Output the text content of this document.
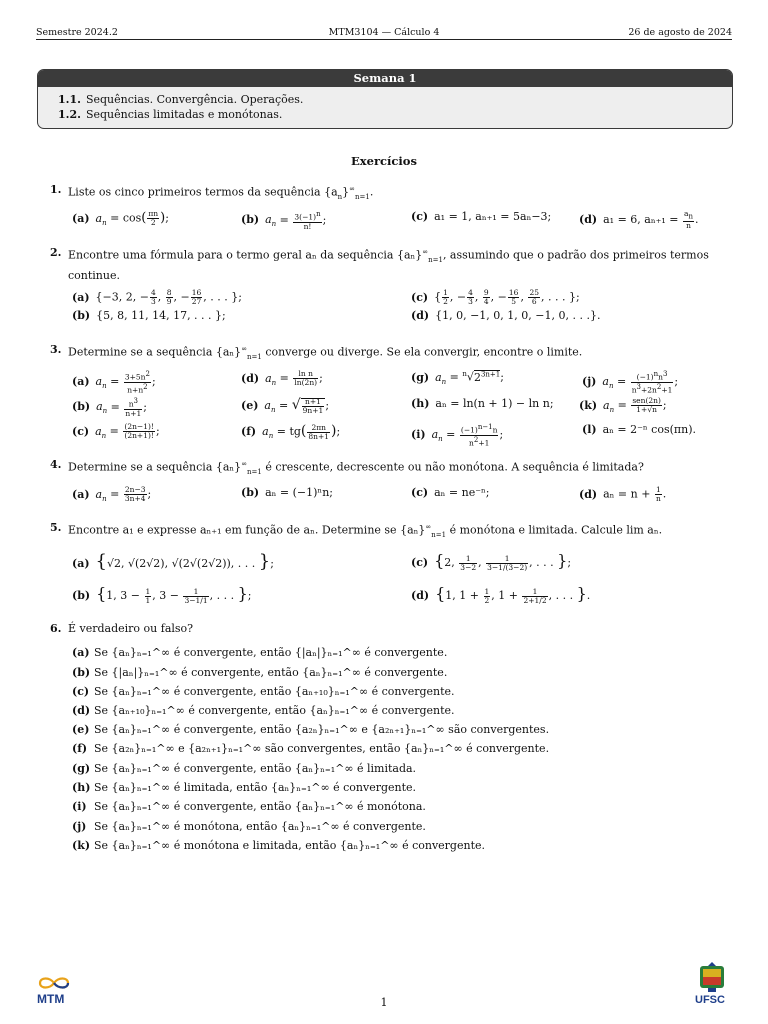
Semestre 2024.2	MTM3104 — Cálculo 4	26 de agosto de 2024
Semana 1
1.1. Sequências. Convergência. Operações.
1.2. Sequências limitadas e monótonas.
Exercícios
1. Liste os cinco primeiros termos da sequência $\{a_n\}^\infty_{n=1}$.
(a) $a_n = \cos( \frac{\pi n}{2}$ );	(b) $a_n = \frac{3(-1)^n}{n!}$ ;	(c) a₁ = 1, aₙ₊₁ = 5aₙ−3;	(d) a₁ = 6, $a_{n+1} = \frac{a_n}{n}$ .
2. Encontre uma fórmula para o termo geral aₙ da sequência $\{a_n\}^\infty_{n=1}$, assumindo que o padrão dos primeiros termos
continue.
(a) {−3, 2, − $\frac{4}{3}$ , $\frac{8}{9}$ , − $\frac{16}{27}$ , . . . };	(c) { $\frac{1}{2}$ , − $\frac{4}{3}$ , $\frac{9}{4}$ , − $\frac{16}{5}$ , $\frac{25}{6}$ , . . . };
(b) {5, 8, 11, 14, 17, . . . };	(d) {1, 0, −1, 0, 1, 0, −1, 0, . . .}.
3. Determine se a sequência $\{a_n\}^\infty_{n=1}$ converge ou diverge. Se ela convergir, encontre o limite.
(a) $a_n = \frac{3+5n^2}{n+n^2}$ ;	(d) $a_n = \frac{\text{ln n}}{\ln(2n)}$ ;	(g) $a_n = ^n√2^{3n+1}$;	(j) $a_n = \frac{(-1)^nn^3}{n^3+2n^2+1}$ ;
(b) $a_n = \frac{n^3}{n+1}$ ;	(e) $a_n$ = √ $\frac{n+1}{9n+1}$ ;	(h) aₙ = ln(n + 1) − ln n; (k) $a_n = \frac{\text{sen(2n)}}{1+√n}$ ;
(c) $a_n = \frac{(2n-1)!}{(2n+1)!}$ ;	(f) $a_n = tg( \frac{2\pi n}{8n+1}$ );	(i) $a_n = \frac{(-1)^{n-1}n}{n^2+1}$ ;	(l) aₙ = 2⁻ⁿ cos(πn).
4. Determine se a sequência $\{a_n\}^\infty_{n=1}$ é crescente, decrescente ou não monótona. A sequência é limitada?
(a) $a_n = \frac{2n-3}{3n+4}$ ;	(b) aₙ = (−1)ⁿn;	(c) aₙ = ne⁻ⁿ;	(d) $a_n = n + \frac{1}{n}$ .
5. Encontre a₁ e expresse aₙ₊₁ em função de aₙ. Determine se $\{a_n\}^\infty_{n=1}$ é monótona e limitada. Calcule lim aₙ.
(a) {√2, √(2√2), √(2√(2√2)), . . . };	(c) {2, $\frac{1}{3-2}$ , $\frac{1}{3-1/(3-2)}$ , . . . };
(b) {1, $3 - \frac{1}{1}$ , $3 - \frac{1}{3-1/1}$ , . . . };	(d) {1, $1 + \frac{1}{2}$ , $1 + \frac{1}{2+1/2}$ , . . . }.
6. É verdadeiro ou falso?
(a) Se {aₙ}ₙ₌₁^∞ é convergente, então {|aₙ|}ₙ₌₁^∞ é convergente.
(b) Se {|aₙ|}ₙ₌₁^∞ é convergente, então {aₙ}ₙ₌₁^∞ é convergente.
(c) Se {aₙ}ₙ₌₁^∞ é convergente, então {aₙ₊₁₀}ₙ₌₁^∞ é convergente.
(d) Se {aₙ₊₁₀}ₙ₌₁^∞ é convergente, então {aₙ}ₙ₌₁^∞ é convergente.
(e) Se {aₙ}ₙ₌₁^∞ é convergente, então {a₂ₙ}ₙ₌₁^∞ e {a₂ₙ₊₁}ₙ₌₁^∞ são convergentes.
(f) Se {a₂ₙ}ₙ₌₁^∞ e {a₂ₙ₊₁}ₙ₌₁^∞ são convergentes, então {aₙ}ₙ₌₁^∞ é convergente.
(g) Se {aₙ}ₙ₌₁^∞ é convergente, então {aₙ}ₙ₌₁^∞ é limitada.
(h) Se {aₙ}ₙ₌₁^∞ é limitada, então {aₙ}ₙ₌₁^∞ é convergente.
(i) Se {aₙ}ₙ₌₁^∞ é convergente, então {aₙ}ₙ₌₁^∞ é monótona.
(j) Se {aₙ}ₙ₌₁^∞ é monótona, então {aₙ}ₙ₌₁^∞ é convergente.
(k) Se {aₙ}ₙ₌₁^∞ é monótona e limitada, então {aₙ}ₙ₌₁^∞ é convergente.
MTM	1	UFSC
